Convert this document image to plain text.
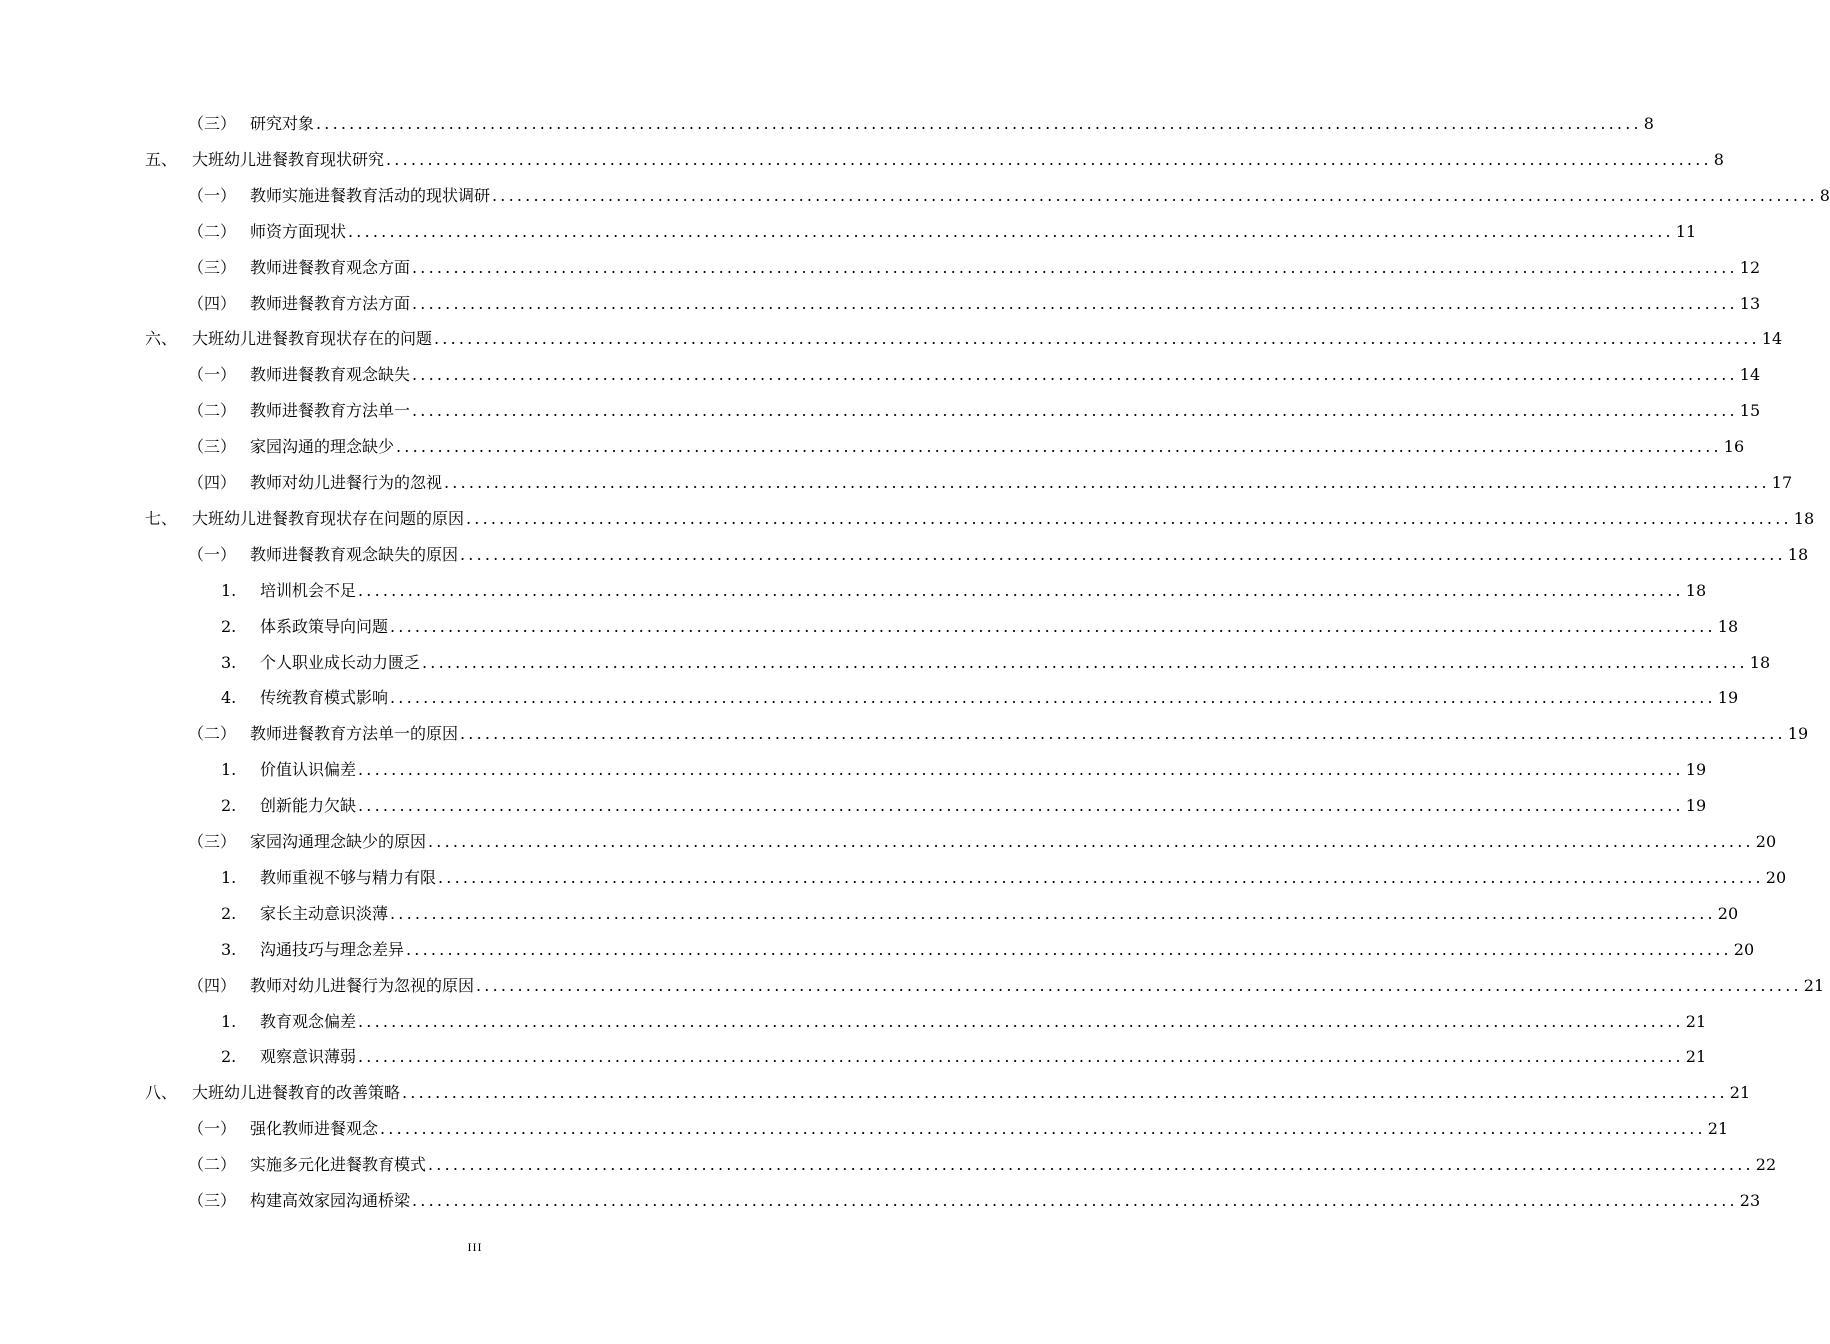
（三） 研究对象 ................................................................................................................................................................ 8
五、 大班幼儿进餐教育现状研究 ................................................................................................................................................................ 8
（一） 教师实施进餐教育活动的现状调研 ................................................................................................................................................................ 8
（二） 师资方面现状 ................................................................................................................................................................ 11
（三） 教师进餐教育观念方面 ................................................................................................................................................................ 12
（四） 教师进餐教育方法方面 ................................................................................................................................................................ 13
六、 大班幼儿进餐教育现状存在的问题 ................................................................................................................................................................ 14
（一） 教师进餐教育观念缺失 ................................................................................................................................................................ 14
（二） 教师进餐教育方法单一 ................................................................................................................................................................ 15
（三） 家园沟通的理念缺少 ................................................................................................................................................................ 16
（四） 教师对幼儿进餐行为的忽视 ................................................................................................................................................................ 17
七、 大班幼儿进餐教育现状存在问题的原因 ................................................................................................................................................................ 18
（一） 教师进餐教育观念缺失的原因 ................................................................................................................................................................ 18
1.	培训机会不足 ................................................................................................................................................................ 18
2.	体系政策导向问题 ................................................................................................................................................................ 18
3.	个人职业成长动力匮乏 ................................................................................................................................................................ 18
4.	传统教育模式影响 ................................................................................................................................................................ 19
（二） 教师进餐教育方法单一的原因 ................................................................................................................................................................ 19
1.	价值认识偏差 ................................................................................................................................................................ 19
2.	创新能力欠缺 ................................................................................................................................................................ 19
（三） 家园沟通理念缺少的原因 ................................................................................................................................................................ 20
1.	教师重视不够与精力有限 ................................................................................................................................................................ 20
2.	家长主动意识淡薄 ................................................................................................................................................................ 20
3.	沟通技巧与理念差异 ................................................................................................................................................................ 20
（四） 教师对幼儿进餐行为忽视的原因 ................................................................................................................................................................ 21
1.	教育观念偏差 ................................................................................................................................................................ 21
2.	观察意识薄弱 ................................................................................................................................................................ 21
八、 大班幼儿进餐教育的改善策略 ................................................................................................................................................................ 21
（一） 强化教师进餐观念 ................................................................................................................................................................ 21
（二） 实施多元化进餐教育模式 ................................................................................................................................................................ 22
（三） 构建高效家园沟通桥梁 ................................................................................................................................................................ 23
III
